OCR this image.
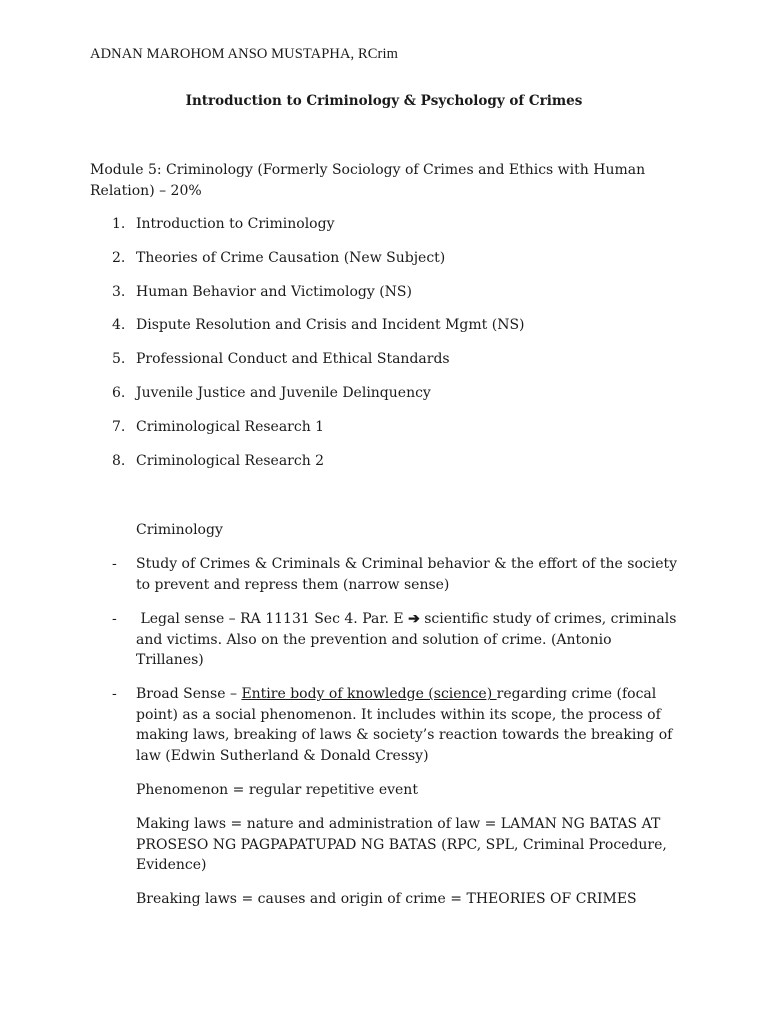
ADNAN MAROHOM ANSO MUSTAPHA, RCrim
Introduction to Criminology & Psychology of Crimes
Module 5: Criminology (Formerly Sociology of Crimes and Ethics with Human Relation) – 20%
1. Introduction to Criminology
2. Theories of Crime Causation (New Subject)
3. Human Behavior and Victimology (NS)
4. Dispute Resolution and Crisis and Incident Mgmt (NS)
5. Professional Conduct and Ethical Standards
6. Juvenile Justice and Juvenile Delinquency
7. Criminological Research 1
8. Criminological Research 2
Criminology
- Study of Crimes & Criminals & Criminal behavior & the effort of the society to prevent and repress them (narrow sense)
-	Legal sense – RA 11131 Sec 4. Par. E ➔ scientific study of crimes, criminals and victims. Also on the prevention and solution of crime. (Antonio Trillanes)
- Broad Sense – Entire body of knowledge (science) regarding crime (focal point) as a social phenomenon. It includes within its scope, the process of making laws, breaking of laws & society’s reaction towards the breaking of law (Edwin Sutherland & Donald Cressy)
Phenomenon = regular repetitive event
Making laws = nature and administration of law = LAMAN NG BATAS AT PROSESO NG PAGPAPATUPAD NG BATAS (RPC, SPL, Criminal Procedure, Evidence)
Breaking laws = causes and origin of crime = THEORIES OF CRIMES
